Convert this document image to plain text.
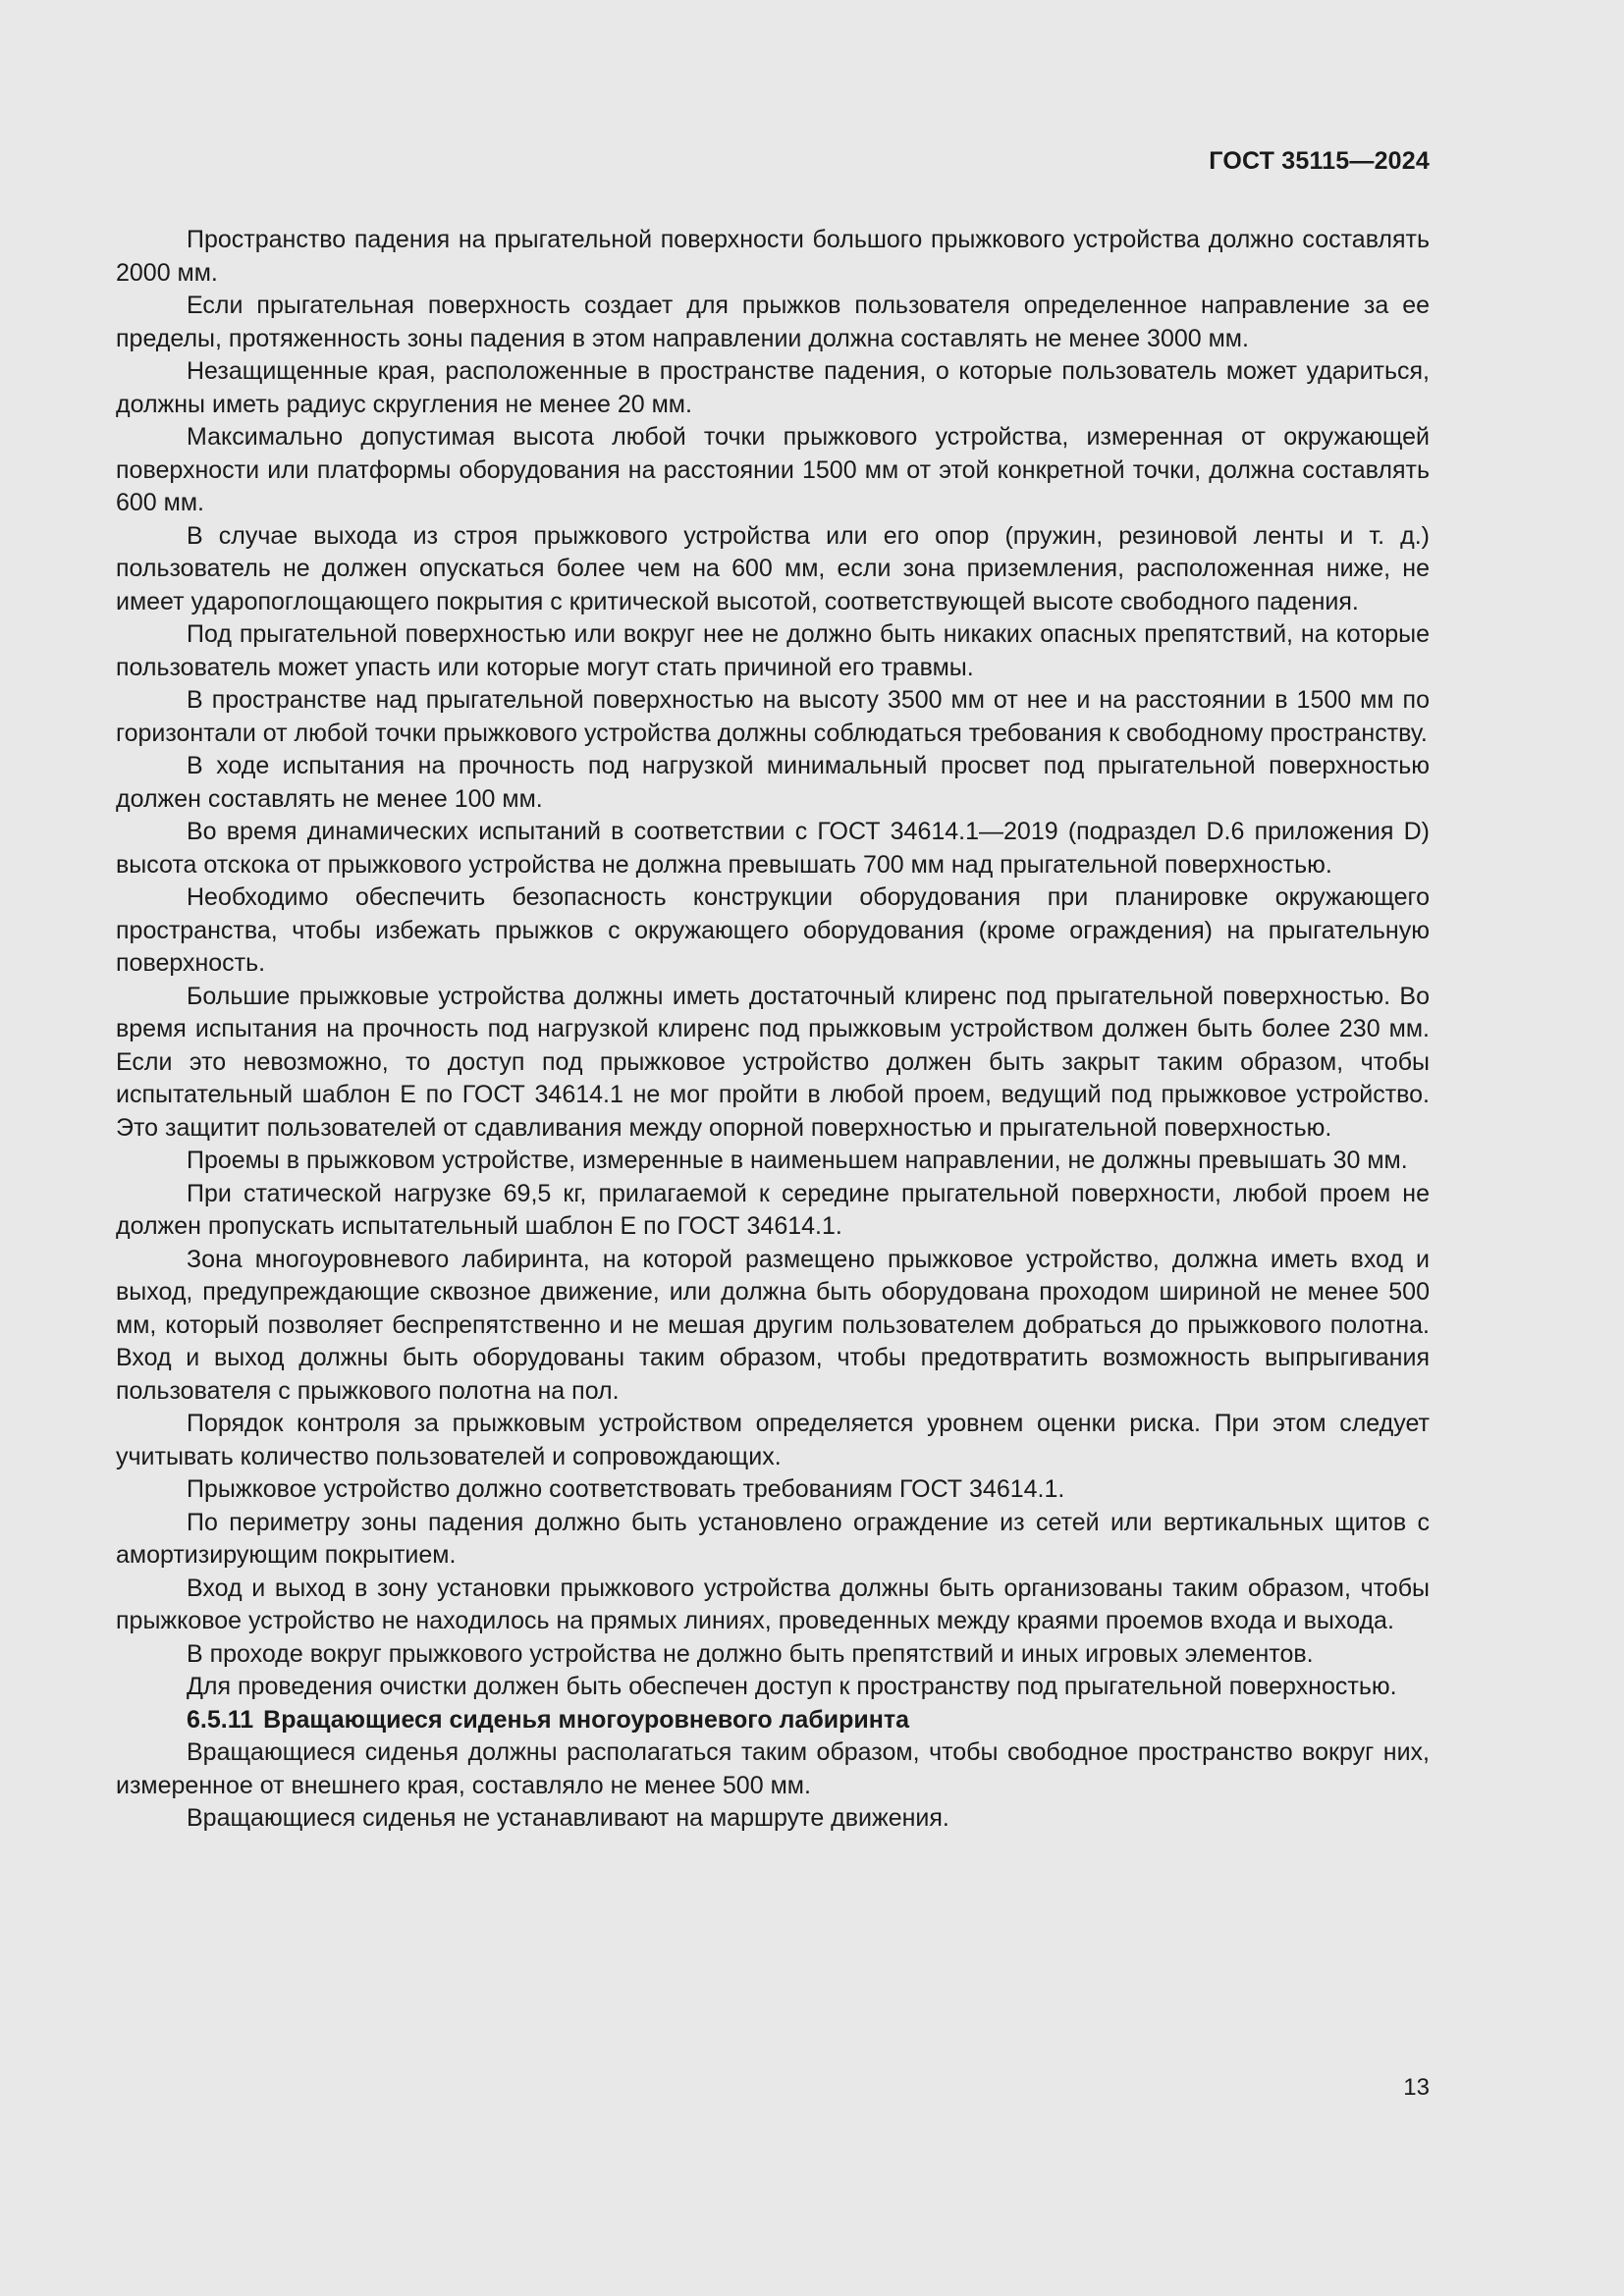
ГОСТ 35115—2024

Пространство падения на прыгательной поверхности большого прыжкового устройства должно составлять 2000 мм.

Если прыгательная поверхность создает для прыжков пользователя определенное направление за ее пределы, протяженность зоны падения в этом направлении должна составлять не менее 3000 мм.

Незащищенные края, расположенные в пространстве падения, о которые пользователь может удариться, должны иметь радиус скругления не менее 20 мм.

Максимально допустимая высота любой точки прыжкового устройства, измеренная от окружающей поверхности или платформы оборудования на расстоянии 1500 мм от этой конкретной точки, должна составлять 600 мм.

В случае выхода из строя прыжкового устройства или его опор (пружин, резиновой ленты и т. д.) пользователь не должен опускаться более чем на 600 мм, если зона приземления, расположенная ниже, не имеет ударопоглощающего покрытия с критической высотой, соответствующей высоте свободного падения.

Под прыгательной поверхностью или вокруг нее не должно быть никаких опасных препятствий, на которые пользователь может упасть или которые могут стать причиной его травмы.

В пространстве над прыгательной поверхностью на высоту 3500 мм от нее и на расстоянии в 1500 мм по горизонтали от любой точки прыжкового устройства должны соблюдаться требования к свободному пространству.

В ходе испытания на прочность под нагрузкой минимальный просвет под прыгательной поверхностью должен составлять не менее 100 мм.

Во время динамических испытаний в соответствии с ГОСТ 34614.1—2019 (подраздел D.6 приложения D) высота отскока от прыжкового устройства не должна превышать 700 мм над прыгательной поверхностью.

Необходимо обеспечить безопасность конструкции оборудования при планировке окружающего пространства, чтобы избежать прыжков с окружающего оборудования (кроме ограждения) на прыгательную поверхность.

Большие прыжковые устройства должны иметь достаточный клиренс под прыгательной поверхностью. Во время испытания на прочность под нагрузкой клиренс под прыжковым устройством должен быть более 230 мм. Если это невозможно, то доступ под прыжковое устройство должен быть закрыт таким образом, чтобы испытательный шаблон Е по ГОСТ 34614.1 не мог пройти в любой проем, ведущий под прыжковое устройство. Это защитит пользователей от сдавливания между опорной поверхностью и прыгательной поверхностью.

Проемы в прыжковом устройстве, измеренные в наименьшем направлении, не должны превышать 30 мм.

При статической нагрузке 69,5 кг, прилагаемой к середине прыгательной поверхности, любой проем не должен пропускать испытательный шаблон Е по ГОСТ 34614.1.

Зона многоуровневого лабиринта, на которой размещено прыжковое устройство, должна иметь вход и выход, предупреждающие сквозное движение, или должна быть оборудована проходом шириной не менее 500 мм, который позволяет беспрепятственно и не мешая другим пользователем добраться до прыжкового полотна. Вход и выход должны быть оборудованы таким образом, чтобы предотвратить возможность выпрыгивания пользователя с прыжкового полотна на пол.

Порядок контроля за прыжковым устройством определяется уровнем оценки риска. При этом следует учитывать количество пользователей и сопровождающих.

Прыжковое устройство должно соответствовать требованиям ГОСТ 34614.1.

По периметру зоны падения должно быть установлено ограждение из сетей или вертикальных щитов с амортизирующим покрытием.

Вход и выход в зону установки прыжкового устройства должны быть организованы таким образом, чтобы прыжковое устройство не находилось на прямых линиях, проведенных между краями проемов входа и выхода.

В проходе вокруг прыжкового устройства не должно быть препятствий и иных игровых элементов.

Для проведения очистки должен быть обеспечен доступ к пространству под прыгательной поверхностью.

6.5.11 Вращающиеся сиденья многоуровневого лабиринта

Вращающиеся сиденья должны располагаться таким образом, чтобы свободное пространство вокруг них, измеренное от внешнего края, составляло не менее 500 мм.

Вращающиеся сиденья не устанавливают на маршруте движения.

13
